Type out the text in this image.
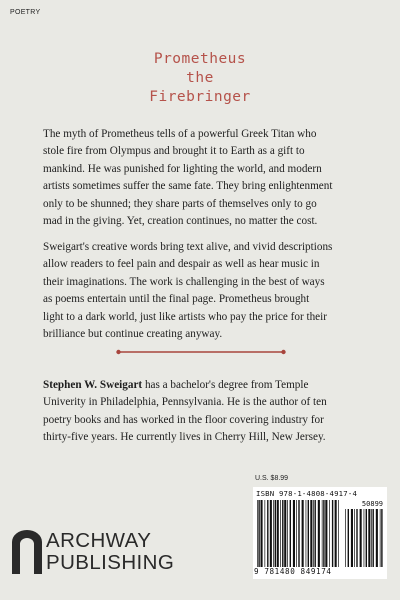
POETRY
Prometheus
the
Firebringer

The myth of Prometheus tells of a powerful Greek Titan who
stole fire from Olympus and brought it to Earth as a gift to
mankind. He was punished for lighting the world, and modern
artists sometimes suffer the same fate. They bring enlightenment
only to be shunned; they share parts of themselves only to go
mad in the giving. Yet, creation continues, no matter the cost.

Sweigart's creative words bring text alive, and vivid descriptions
allow readers to feel pain and despair as well as hear music in
their imaginations. The work is challenging in the best of ways
as poems entertain until the final page. Prometheus brought
light to a dark world, just like artists who pay the price for their
brilliance but continue creating anyway.

Stephen W. Sweigart has a bachelor's degree from Temple
Univerity in Philadelphia, Pennsylvania. He is the author of ten
poetry books and has worked in the floor covering industry for
thirty-five years. He currently lives in Cherry Hill, New Jersey.

U.S. $8.99
ISBN 978-1-4808-4917-4
50899
9 781480 849174
ARCHWAY
PUBLISHING
